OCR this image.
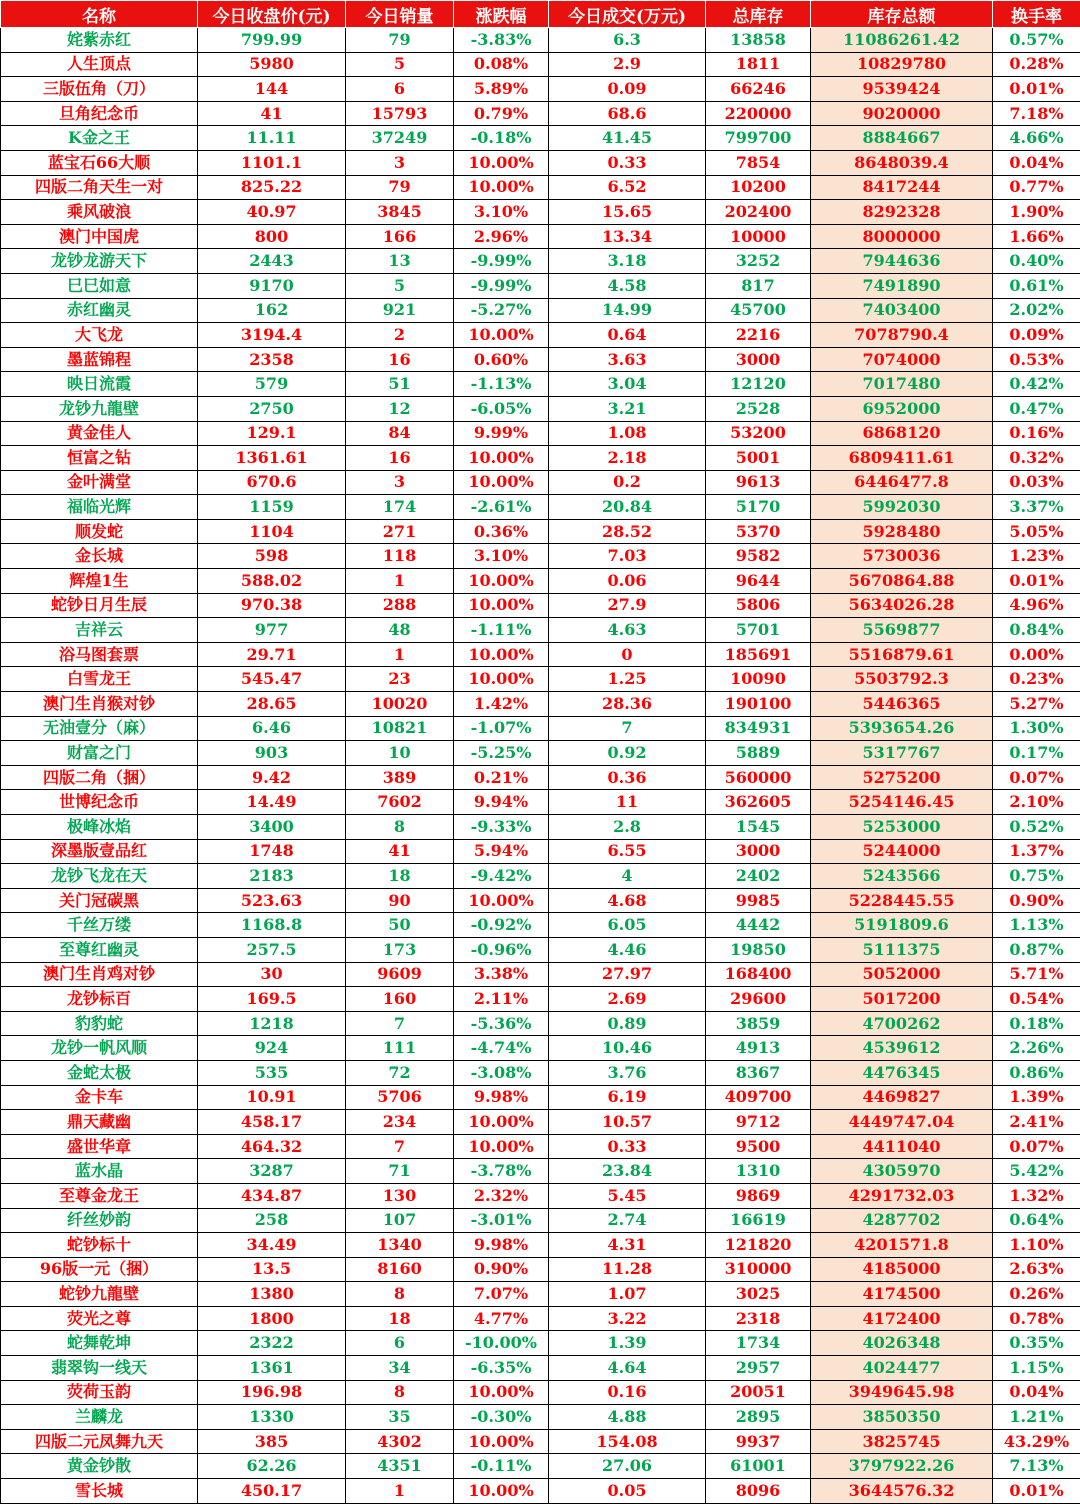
名称	今日收盘价(元)	今日销量	涨跌幅	今日成交(万元)	总库存	库存总额	换手率
姹紫赤红	799.99	79	-3.83%	6.3	13858	11086261.42	0.57%
人生顶点	5980	5	0.08%	2.9	1811	10829780	0.28%
三版伍角（刀）	144	6	5.89%	0.09	66246	9539424	0.01%
旦角纪念币	41	15793	0.79%	68.6	220000	9020000	7.18%
K金之王	11.11	37249	-0.18%	41.45	799700	8884667	4.66%
蓝宝石66大顺	1101.1	3	10.00%	0.33	7854	8648039.4	0.04%
四版二角天生一对	825.22	79	10.00%	6.52	10200	8417244	0.77%
乘风破浪	40.97	3845	3.10%	15.65	202400	8292328	1.90%
澳门中国虎	800	166	2.96%	13.34	10000	8000000	1.66%
龙钞龙游天下	2443	13	-9.99%	3.18	3252	7944636	0.40%
巳巳如意	9170	5	-9.99%	4.58	817	7491890	0.61%
赤红幽灵	162	921	-5.27%	14.99	45700	7403400	2.02%
大飞龙	3194.4	2	10.00%	0.64	2216	7078790.4	0.09%
墨蓝锦程	2358	16	0.60%	3.63	3000	7074000	0.53%
映日流霞	579	51	-1.13%	3.04	12120	7017480	0.42%
龙钞九龍壁	2750	12	-6.05%	3.21	2528	6952000	0.47%
黄金佳人	129.1	84	9.99%	1.08	53200	6868120	0.16%
恒富之钻	1361.61	16	10.00%	2.18	5001	6809411.61	0.32%
金叶满堂	670.6	3	10.00%	0.2	9613	6446477.8	0.03%
福临光辉	1159	174	-2.61%	20.84	5170	5992030	3.37%
顺发蛇	1104	271	0.36%	28.52	5370	5928480	5.05%
金长城	598	118	3.10%	7.03	9582	5730036	1.23%
辉煌1生	588.02	1	10.00%	0.06	9644	5670864.88	0.01%
蛇钞日月生辰	970.38	288	10.00%	27.9	5806	5634026.28	4.96%
吉祥云	977	48	-1.11%	4.63	5701	5569877	0.84%
浴马图套票	29.71	1	10.00%	0	185691	5516879.61	0.00%
白雪龙王	545.47	23	10.00%	1.25	10090	5503792.3	0.23%
澳门生肖猴对钞	28.65	10020	1.42%	28.36	190100	5446365	5.27%
无油壹分（麻）	6.46	10821	-1.07%	7	834931	5393654.26	1.30%
财富之门	903	10	-5.25%	0.92	5889	5317767	0.17%
四版二角（捆）	9.42	389	0.21%	0.36	560000	5275200	0.07%
世博纪念币	14.49	7602	9.94%	11	362605	5254146.45	2.10%
极峰冰焰	3400	8	-9.33%	2.8	1545	5253000	0.52%
深墨版壹品红	1748	41	5.94%	6.55	3000	5244000	1.37%
龙钞飞龙在天	2183	18	-9.42%	4	2402	5243566	0.75%
关门冠碳黑	523.63	90	10.00%	4.68	9985	5228445.55	0.90%
千丝万缕	1168.8	50	-0.92%	6.05	4442	5191809.6	1.13%
至尊红幽灵	257.5	173	-0.96%	4.46	19850	5111375	0.87%
澳门生肖鸡对钞	30	9609	3.38%	27.97	168400	5052000	5.71%
龙钞标百	169.5	160	2.11%	2.69	29600	5017200	0.54%
豹豹蛇	1218	7	-5.36%	0.89	3859	4700262	0.18%
龙钞一帆风顺	924	111	-4.74%	10.46	4913	4539612	2.26%
金蛇太极	535	72	-3.08%	3.76	8367	4476345	0.86%
金卡车	10.91	5706	9.98%	6.19	409700	4469827	1.39%
鼎天藏幽	458.17	234	10.00%	10.57	9712	4449747.04	2.41%
盛世华章	464.32	7	10.00%	0.33	9500	4411040	0.07%
蓝水晶	3287	71	-3.78%	23.84	1310	4305970	5.42%
至尊金龙王	434.87	130	2.32%	5.45	9869	4291732.03	1.32%
纤丝妙韵	258	107	-3.01%	2.74	16619	4287702	0.64%
蛇钞标十	34.49	1340	9.98%	4.31	121820	4201571.8	1.10%
96版一元（捆）	13.5	8160	0.90%	11.28	310000	4185000	2.63%
蛇钞九龍壁	1380	8	7.07%	1.07	3025	4174500	0.26%
荧光之尊	1800	18	4.77%	3.22	2318	4172400	0.78%
蛇舞乾坤	2322	6	-10.00%	1.39	1734	4026348	0.35%
翡翠钩一线天	1361	34	-6.35%	4.64	2957	4024477	1.15%
荧荷玉韵	196.98	8	10.00%	0.16	20051	3949645.98	0.04%
兰麟龙	1330	35	-0.30%	4.88	2895	3850350	1.21%
四版二元凤舞九天	385	4302	10.00%	154.08	9937	3825745	43.29%
黄金钞散	62.26	4351	-0.11%	27.06	61001	3797922.26	7.13%
雪长城	450.17	1	10.00%	0.05	8096	3644576.32	0.01%
